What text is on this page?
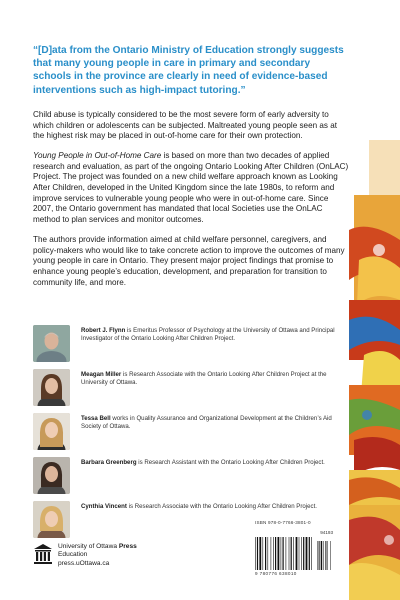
“[D]ata from the Ontario Ministry of Education strongly suggests that many young people in care in primary and secondary schools in the province are clearly in need of evidence-based interventions such as high-impact tutoring.”

Child abuse is typically considered to be the most severe form of early adversity to which children or adolescents can be subjected. Maltreated young people seen as at the highest risk may be placed in out-of-home care for their own protection.

Young People in Out-of-Home Care is based on more than two decades of applied research and evaluation, as part of the ongoing Ontario Looking After Children (OnLAC) Project. The project was founded on a new child welfare approach known as Looking After Children, developed in the United Kingdom since the late 1980s, to reform and improve services to vulnerable young people who were in out-of-home care. Since 2007, the Ontario government has mandated that local Societies use the OnLAC method to plan services and monitor outcomes.

The authors provide information aimed at child welfare personnel, caregivers, and policy-makers who would like to take concrete action to improve the outcomes of many young people in care in Ontario. They present major project findings that promise to enhance young people’s education, development, and preparation for transition to community life, and more.

Robert J. Flynn is Emeritus Professor of Psychology at the University of Ottawa and Principal Investigator of the Ontario Looking After Children Project.

Meagan Miller is Research Associate with the Ontario Looking After Children Project at the University of Ottawa.

Tessa Bell works in Quality Assurance and Organizational Development at the Children’s Aid Society of Ottawa.

Barbara Greenberg is Research Assistant with the Ontario Looking After Children Project.

Cynthia Vincent is Research Associate with the Ontario Looking After Children Project.

University of Ottawa Press
Education
press.uOttawa.ca
ISBN 978-0-7766-3801-0
94193
9 780776 638010
